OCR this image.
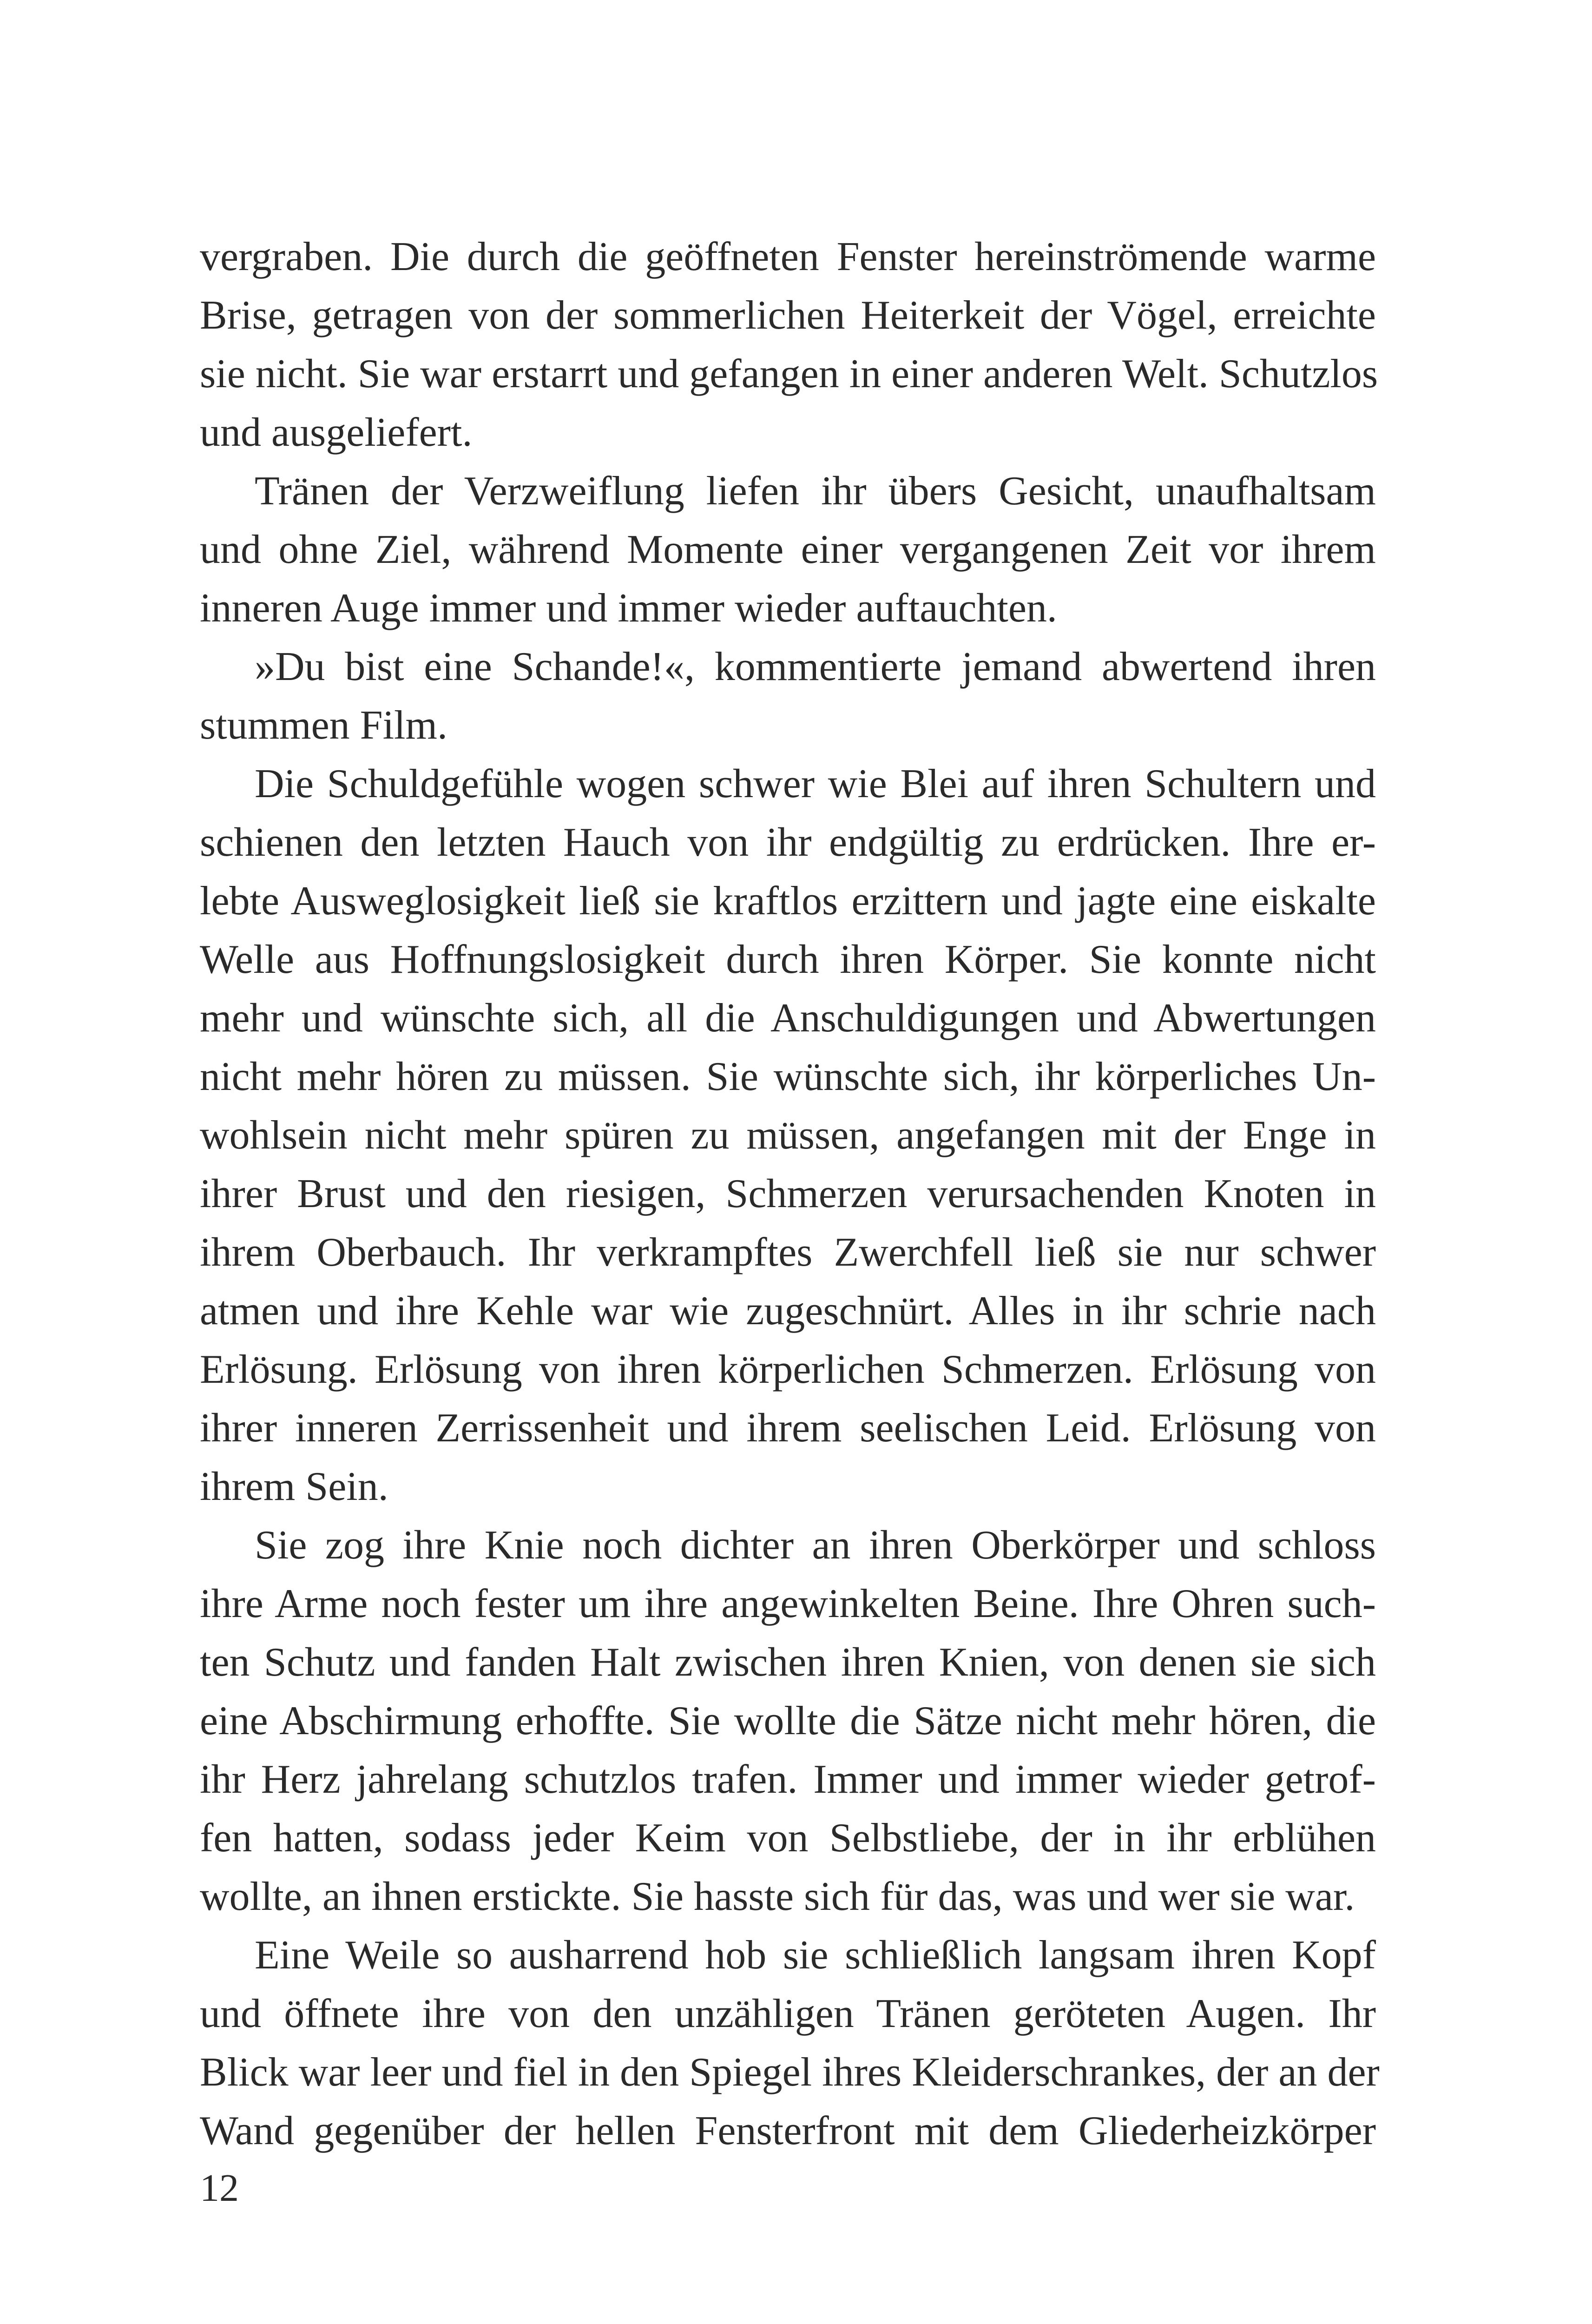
vergraben. Die durch die geöffneten Fenster hereinströmende warme
Brise, getragen von der sommerlichen Heiterkeit der Vögel, erreichte
sie nicht. Sie war erstarrt und gefangen in einer anderen Welt. Schutzlos
und ausgeliefert.
Tränen der Verzweiflung liefen ihr übers Gesicht, unaufhaltsam
und ohne Ziel, während Momente einer vergangenen Zeit vor ihrem
inneren Auge immer und immer wieder auftauchten.
»Du bist eine Schande!«, kommentierte jemand abwertend ihren
stummen Film.
Die Schuldgefühle wogen schwer wie Blei auf ihren Schultern und
schienen den letzten Hauch von ihr endgültig zu erdrücken. Ihre er-
lebte Ausweglosigkeit ließ sie kraftlos erzittern und jagte eine eiskalte
Welle aus Hoffnungslosigkeit durch ihren Körper. Sie konnte nicht
mehr und wünschte sich, all die Anschuldigungen und Abwertungen
nicht mehr hören zu müssen. Sie wünschte sich, ihr körperliches Un-
wohlsein nicht mehr spüren zu müssen, angefangen mit der Enge in
ihrer Brust und den riesigen, Schmerzen verursachenden Knoten in
ihrem Oberbauch. Ihr verkrampftes Zwerchfell ließ sie nur schwer
atmen und ihre Kehle war wie zugeschnürt. Alles in ihr schrie nach
Erlösung. Erlösung von ihren körperlichen Schmerzen. Erlösung von
ihrer inneren Zerrissenheit und ihrem seelischen Leid. Erlösung von
ihrem Sein.
Sie zog ihre Knie noch dichter an ihren Oberkörper und schloss
ihre Arme noch fester um ihre angewinkelten Beine. Ihre Ohren such-
ten Schutz und fanden Halt zwischen ihren Knien, von denen sie sich
eine Abschirmung erhoffte. Sie wollte die Sätze nicht mehr hören, die
ihr Herz jahrelang schutzlos trafen. Immer und immer wieder getrof-
fen hatten, sodass jeder Keim von Selbstliebe, der in ihr erblühen
wollte, an ihnen erstickte. Sie hasste sich für das, was und wer sie war.
Eine Weile so ausharrend hob sie schließlich langsam ihren Kopf
und öffnete ihre von den unzähligen Tränen geröteten Augen. Ihr
Blick war leer und fiel in den Spiegel ihres Kleiderschrankes, der an der
Wand gegenüber der hellen Fensterfront mit dem Gliederheizkörper
12
